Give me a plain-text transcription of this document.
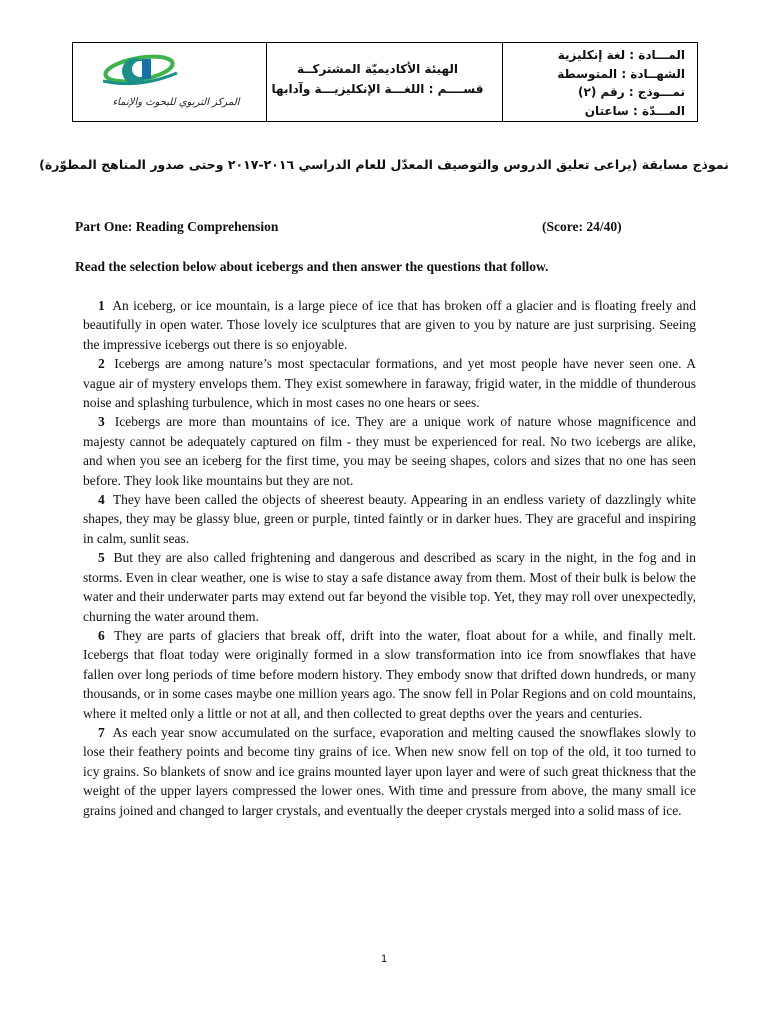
المركز التربوي للبحوث والإنماء
الهيئة الأكاديميّة المشتركــة
قســــم : اللغـــة الإنكليزيـــة وآدابها
المـــادة : لغة إنكليزية
الشهــادة : المتوسطة
نمـــوذج : رقم (٢)
المـــدّة : ساعتان
نموذج مسابقة (يراعى تعليق الدروس والتوصيف المعدّل للعام الدراسي ٢٠١٦-٢٠١٧ وحتى صدور المناهج المطوّرة)
Part One: Reading Comprehension	(Score: 24/40)
Read the selection below about icebergs and then answer the questions that follow.

1 An iceberg, or ice mountain, is a large piece of ice that has broken off a glacier and is floating freely and beautifully in open water. Those lovely ice sculptures that are given to you by nature are just surprising. Seeing the impressive icebergs out there is so enjoyable.

2 Icebergs are among nature’s most spectacular formations, and yet most people have never seen one. A vague air of mystery envelops them. They exist somewhere in faraway, frigid water, in the middle of thunderous noise and splashing turbulence, which in most cases no one hears or sees.

3 Icebergs are more than mountains of ice. They are a unique work of nature whose magnificence and majesty cannot be adequately captured on film - they must be experienced for real. No two icebergs are alike, and when you see an iceberg for the first time, you may be seeing shapes, colors and sizes that no one has seen before. They look like mountains but they are not.

4 They have been called the objects of sheerest beauty. Appearing in an endless variety of dazzlingly white shapes, they may be glassy blue, green or purple, tinted faintly or in darker hues. They are graceful and inspiring in calm, sunlit seas.

5 But they are also called frightening and dangerous and described as scary in the night, in the fog and in storms. Even in clear weather, one is wise to stay a safe distance away from them. Most of their bulk is below the water and their underwater parts may extend out far beyond the visible top. Yet, they may roll over unexpectedly, churning the water around them.

6 They are parts of glaciers that break off, drift into the water, float about for a while, and finally melt. Icebergs that float today were originally formed in a slow transformation into ice from snowflakes that have fallen over long periods of time before modern history. They embody snow that drifted down hundreds, or many thousands, or in some cases maybe one million years ago. The snow fell in Polar Regions and on cold mountains, where it melted only a little or not at all, and then collected to great depths over the years and centuries.

7 As each year snow accumulated on the surface, evaporation and melting caused the snowflakes slowly to lose their feathery points and become tiny grains of ice. When new snow fell on top of the old, it too turned to icy grains. So blankets of snow and ice grains mounted layer upon layer and were of such great thickness that the weight of the upper layers compressed the lower ones. With time and pressure from above, the many small ice grains joined and changed to larger crystals, and eventually the deeper crystals merged into a solid mass of ice.

1
